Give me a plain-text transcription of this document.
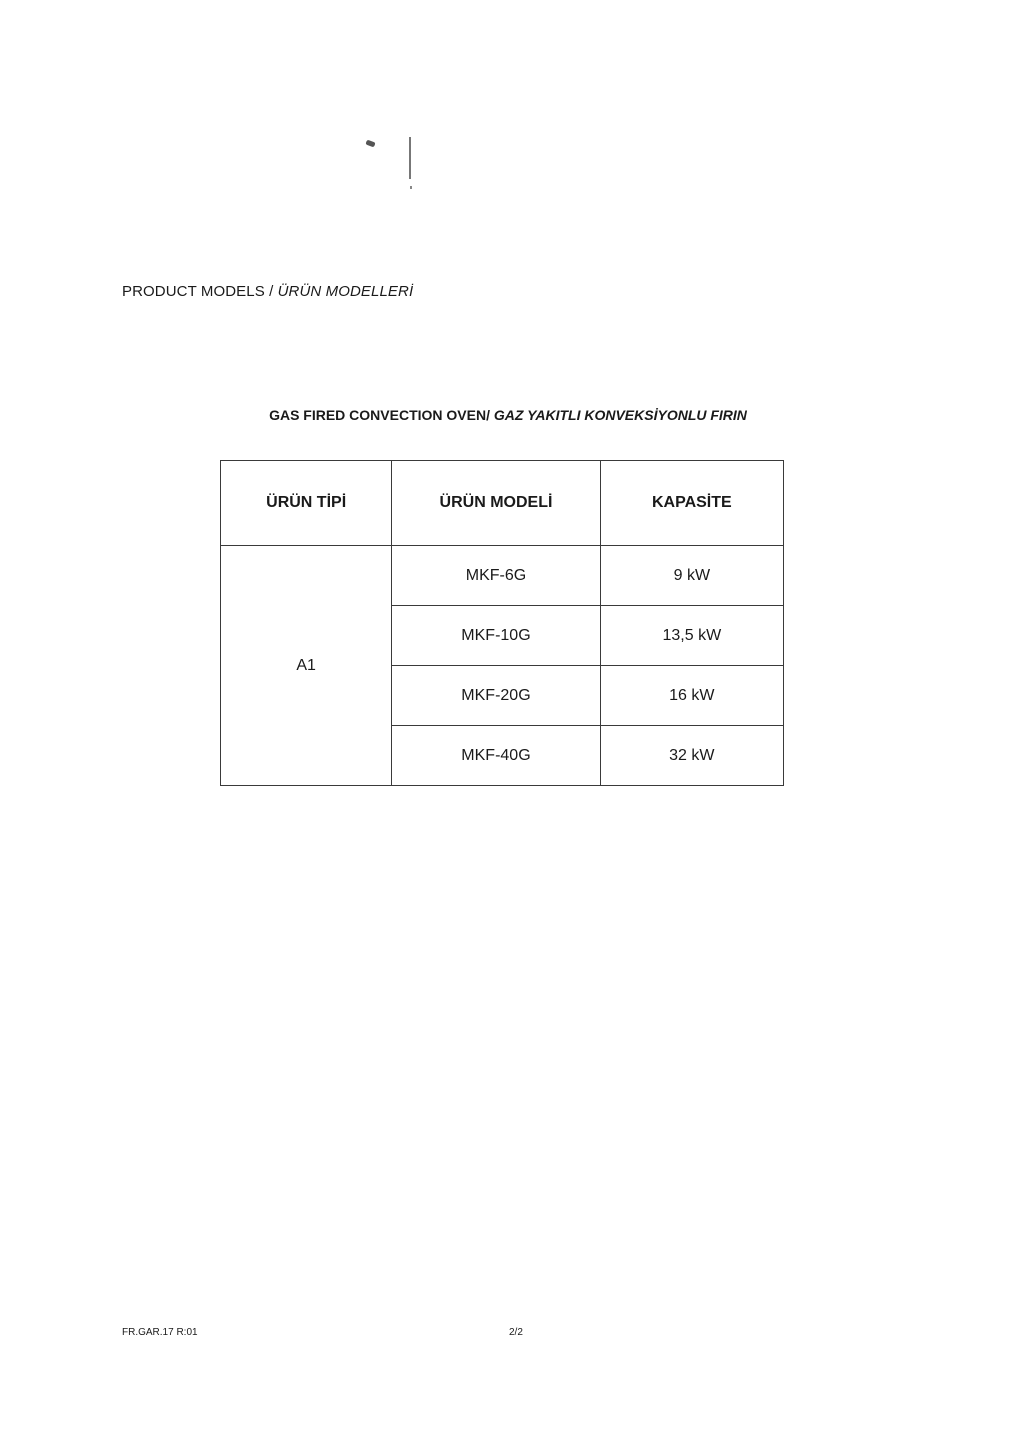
PRODUCT MODELS / ÜRÜN MODELLERİ
GAS FIRED CONVECTION OVEN/ GAZ YAKITLI KONVEKSİYONLU FIRIN
ÜRÜN TİPİ	ÜRÜN MODELİ	KAPASİTE
A1	MKF-6G	9 kW
	MKF-10G	13,5 kW
	MKF-20G	16 kW
	MKF-40G	32 kW

FR.GAR.17 R:01	2/2
